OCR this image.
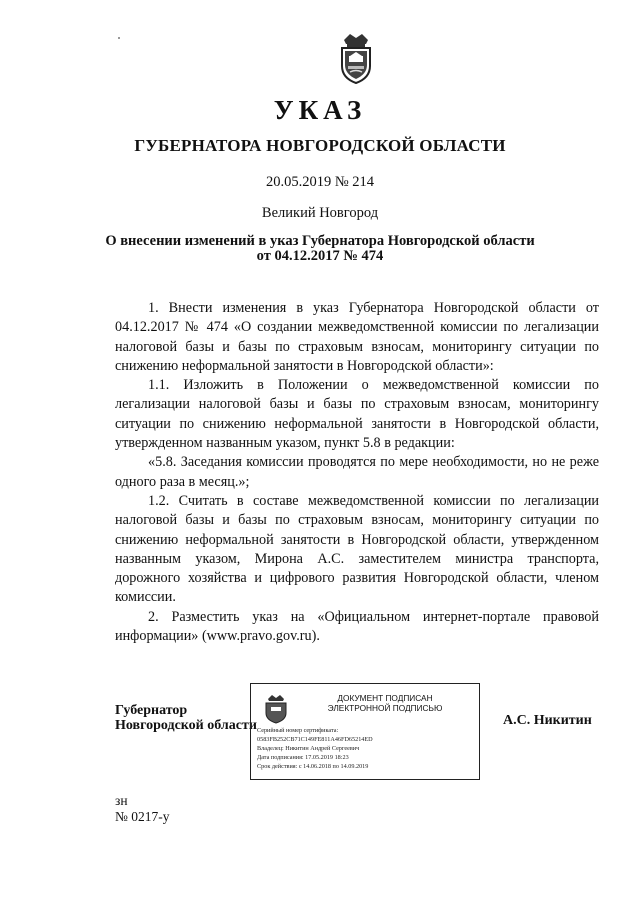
УКАЗ
ГУБЕРНАТОРА НОВГОРОДСКОЙ ОБЛАСТИ
20.05.2019 № 214
Великий Новгород
О внесении изменений в указ Губернатора Новгородской области
от 04.12.2017 № 474

1. Внести изменения в указ Губернатора Новгородской области от 04.12.2017 № 474 «О создании межведомственной комиссии по легализации налоговой базы и базы по страховым взносам, мониторингу ситуации по снижению неформальной занятости в Новгородской области»:

1.1. Изложить в Положении о межведомственной комиссии по легализации налоговой базы и базы по страховым взносам, мониторингу ситуации по снижению неформальной занятости в Новгородской области, утвержденном названным указом, пункт 5.8 в редакции:

«5.8. Заседания комиссии проводятся по мере необходимости, но не реже одного раза в месяц.»;

1.2. Считать в составе межведомственной комиссии по легализации налоговой базы и базы по страховым взносам, мониторингу ситуации по снижению неформальной занятости в Новгородской области, утвержденном названным указом, Мирона А.С. заместителем министра транспорта, дорожного хозяйства и цифрового развития Новгородской области, членом комиссии.

2. Разместить указ на «Официальном интернет-портале правовой информации» (www.pravo.gov.ru).

Губернатор
Новгородской области
ДОКУМЕНТ ПОДПИСАН
ЭЛЕКТРОННОЙ ПОДПИСЬЮ
Серийный номер сертификата:
0583FB252CB71C149FE811A46FD65214ED
Владелец: Никитин Андрей Сергеевич
Дата подписания: 17.05.2019 18:23
Срок действия: с 14.06.2018 по 14.09.2019
А.С. Никитин
зн
№ 0217-у
